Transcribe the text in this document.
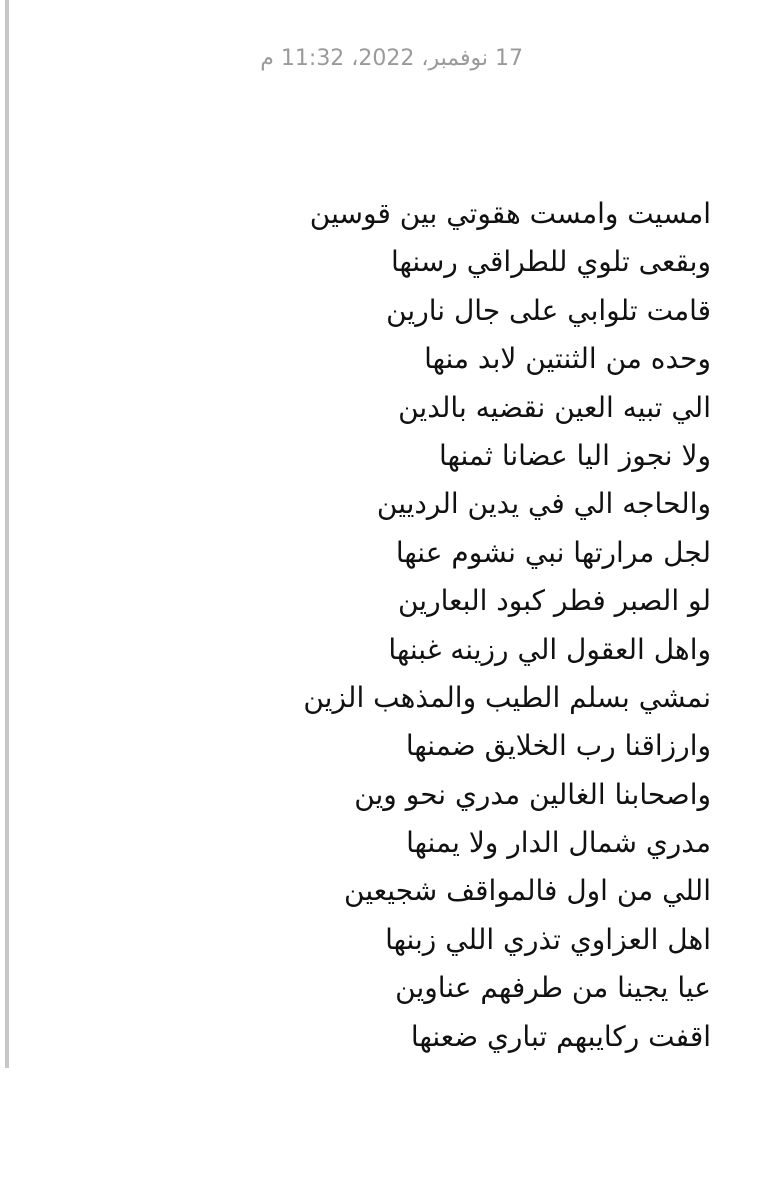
17 نوفمبر، 2022، 11:32 م
امسيت وامست هقوتي بين قوسين
وبقعى تلوي للطراقي رسنها
قامت تلوابي على جال نارين
وحده من الثنتين لابد منها
الي تبيه العين نقضيه بالدين
ولا نجوز اليا عضانا ثمنها
والحاجه الي في يدين الرديين
لجل مرارتها نبي نشوم عنها
لو الصبر فطر كبود البعارين
واهل العقول الي رزينه غبنها
نمشي بسلم الطيب والمذهب الزين
وارزاقنا رب الخلايق ضمنها
واصحابنا الغالين مدري نحو وين
مدري شمال الدار ولا يمنها
اللي من اول فالمواقف شجيعين
اهل العزاوي تذري اللي زبنها
عيا يجينا من طرفهم عناوين
اقفت ركايبهم تباري ضعنها
